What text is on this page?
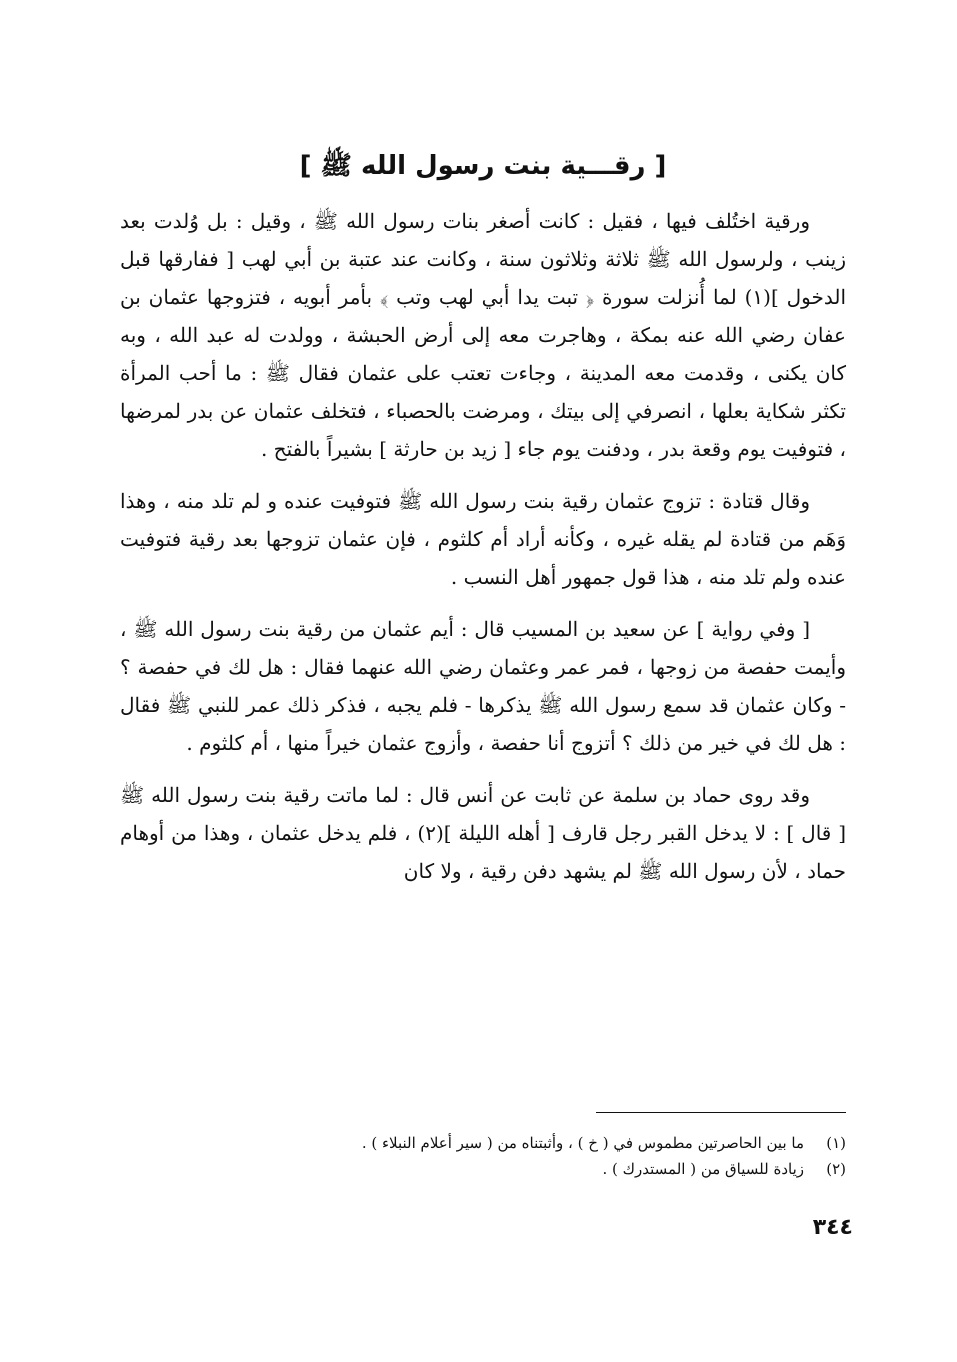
[ رقـــية بنت رسول الله ﷺ ]

ورقية اختُلف فيها ، فقيل : كانت أصغر بنات رسول الله ﷺ ، وقيل : بل وُلدت بعد زينب ، ولرسول الله ﷺ ثلاثة وثلاثون سنة ، وكانت عند عتبة بن أبي لهب [ ففارقها قبل الدخول ](١) لما أُنزلت سورة ﴿ تبت يدا أبي لهب وتب ﴾ بأمر أبويه ، فتزوجها عثمان بن عفان رضي الله عنه بمكة ، وهاجرت معه إلى أرض الحبشة ، وولدت له عبد الله ، وبه كان يكنى ، وقدمت معه المدينة ، وجاءت تعتب على عثمان فقال ﷺ : ما أحب المرأة تكثر شكاية بعلها ، انصرفي إلى بيتك ، ومرضت بالحصباء ، فتخلف عثمان عن بدر لمرضها ، فتوفيت يوم وقعة بدر ، ودفنت يوم جاء [ زيد بن حارثة ] بشيراً بالفتح .

وقال قتادة : تزوج عثمان رقية بنت رسول الله ﷺ فتوفيت عنده و لم تلد منه ، وهذا وَهَم من قتادة لم يقله غيره ، وكأنه أراد أم كلثوم ، فإن عثمان تزوجها بعد رقية فتوفيت عنده ولم تلد منه ، هذا قول جمهور أهل النسب .

[ وفي رواية ] عن سعيد بن المسيب قال : أيم عثمان من رقية بنت رسول الله ﷺ ، وأيمت حفصة من زوجها ، فمر عمر وعثمان رضي الله عنهما فقال : هل لك في حفصة ؟ - وكان عثمان قد سمع رسول الله ﷺ يذكرها - فلم يجبه ، فذكر ذلك عمر للنبي ﷺ فقال : هل لك في خير من ذلك ؟ أتزوج أنا حفصة ، وأزوج عثمان خيراً منها ، أم كلثوم .

وقد روى حماد بن سلمة عن ثابت عن أنس قال : لما ماتت رقية بنت رسول الله ﷺ [ قال ] : لا يدخل القبر رجل قارف [ أهله الليلة ](٢) ، فلم يدخل عثمان ، وهذا من أوهام حماد ، لأن رسول الله ﷺ لم يشهد دفن رقية ، ولا كان

(١)
ما بين الحاصرتين مطموس في ( خ ) ، وأثبتناه من ( سير أعلام النبلاء ) .
(٢)
زيادة للسياق من ( المستدرك ) .
٣٤٤
